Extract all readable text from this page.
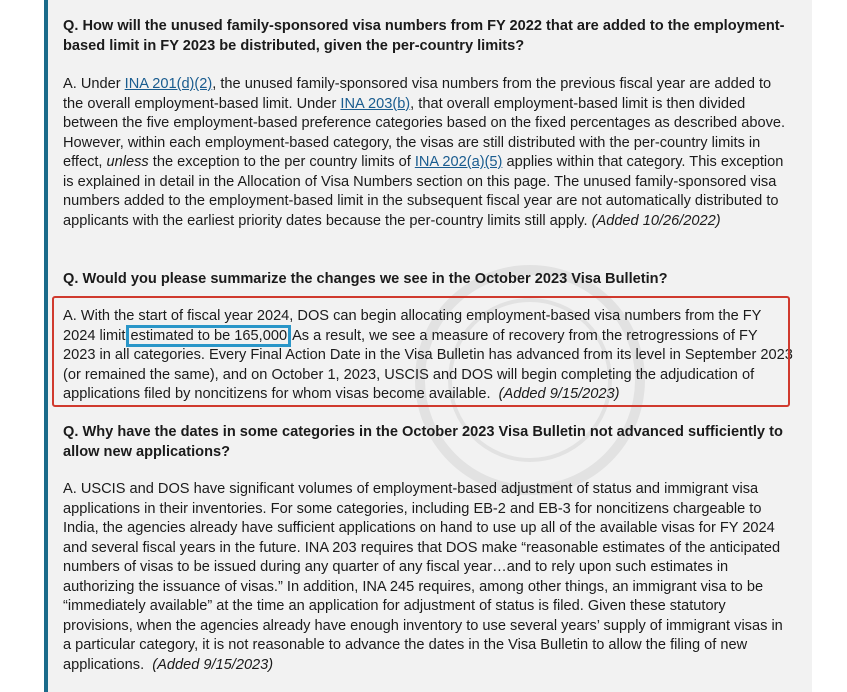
Q. How will the unused family-sponsored visa numbers from FY 2022 that are added to the employment-based limit in FY 2023 be distributed, given the per-country limits?

A. Under INA 201(d)(2), the unused family-sponsored visa numbers from the previous fiscal year are added to the overall employment-based limit. Under INA 203(b), that overall employment-based limit is then divided between the five employment-based preference categories based on the fixed percentages as described above. However, within each employment-based category, the visas are still distributed with the per-country limits in effect, unless the exception to the per country limits of INA 202(a)(5) applies within that category. This exception is explained in detail in the Allocation of Visa Numbers section on this page. The unused family-sponsored visa numbers added to the employment-based limit in the subsequent fiscal year are not automatically distributed to applicants with the earliest priority dates because the per-country limits still apply. (Added 10/26/2022)

Q. Would you please summarize the changes we see in the October 2023 Visa Bulletin?

A. With the start of fiscal year 2024, DOS can begin allocating employment-based visa numbers from the FY 2024 limit estimated to be 165,000 As a result, we see a measure of recovery from the retrogressions of FY 2023 in all categories. Every Final Action Date in the Visa Bulletin has advanced from its level in September 2023 (or remained the same), and on October 1, 2023, USCIS and DOS will begin completing the adjudication of applications filed by noncitizens for whom visas become available. (Added 9/15/2023)

Q. Why have the dates in some categories in the October 2023 Visa Bulletin not advanced sufficiently to allow new applications?

A. USCIS and DOS have significant volumes of employment-based adjustment of status and immigrant visa applications in their inventories. For some categories, including EB-2 and EB-3 for noncitizens chargeable to India, the agencies already have sufficient applications on hand to use up all of the available visas for FY 2024 and several fiscal years in the future. INA 203 requires that DOS make “reasonable estimates of the anticipated numbers of visas to be issued during any quarter of any fiscal year…and to rely upon such estimates in authorizing the issuance of visas.” In addition, INA 245 requires, among other things, an immigrant visa to be “immediately available” at the time an application for adjustment of status is filed. Given these statutory provisions, when the agencies already have enough inventory to use several years’ supply of immigrant visas in a particular category, it is not reasonable to advance the dates in the Visa Bulletin to allow the filing of new applications. (Added 9/15/2023)
